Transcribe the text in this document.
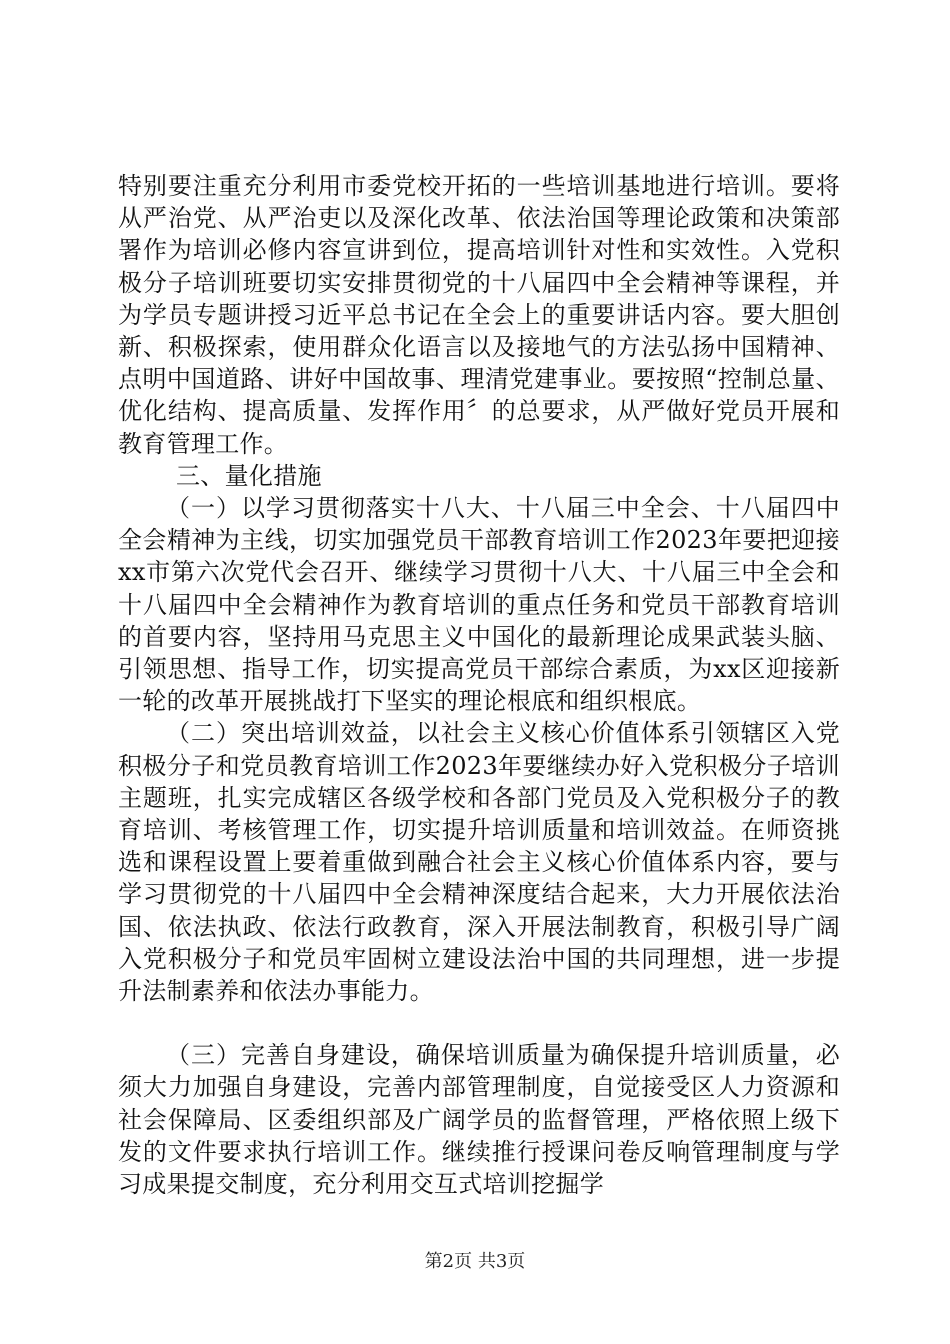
特别要注重充分利用市委党校开拓的一些培训基地进行培训。要将从严治党、从严治吏以及深化改革、依法治国等理论政策和决策部署作为培训必修内容宣讲到位，提高培训针对性和实效性。入党积极分子培训班要切实安排贯彻党的十八届四中全会精神等课程，并为学员专题讲授习近平总书记在全会上的重要讲话内容。要大胆创新、积极探索，使用群众化语言以及接地气的方法弘扬中国精神、点明中国道路、讲好中国故事、理清党建事业。要按照“控制总量、优化结构、提高质量、发挥作用〞的总要求，从严做好党员开展和教育管理工作。

三、量化措施

（一）以学习贯彻落实十八大、十八届三中全会、十八届四中全会精神为主线，切实加强党员干部教育培训工作2023年要把迎接xx市第六次党代会召开、继续学习贯彻十八大、十八届三中全会和十八届四中全会精神作为教育培训的重点任务和党员干部教育培训的首要内容，坚持用马克思主义中国化的最新理论成果武装头脑、引领思想、指导工作，切实提高党员干部综合素质，为xx区迎接新一轮的改革开展挑战打下坚实的理论根底和组织根底。

（二）突出培训效益，以社会主义核心价值体系引领辖区入党积极分子和党员教育培训工作2023年要继续办好入党积极分子培训主题班，扎实完成辖区各级学校和各部门党员及入党积极分子的教育培训、考核管理工作，切实提升培训质量和培训效益。在师资挑选和课程设置上要着重做到融合社会主义核心价值体系内容，要与学习贯彻党的十八届四中全会精神深度结合起来，大力开展依法治国、依法执政、依法行政教育，深入开展法制教育，积极引导广阔入党积极分子和党员牢固树立建设法治中国的共同理想，进一步提升法制素养和依法办事能力。

（三）完善自身建设，确保培训质量为确保提升培训质量，必须大力加强自身建设，完善内部管理制度，自觉接受区人力资源和社会保障局、区委组织部及广阔学员的监督管理，严格依照上级下发的文件要求执行培训工作。继续推行授课问卷反响管理制度与学习成果提交制度，充分利用交互式培训挖掘学

第2页 共3页
